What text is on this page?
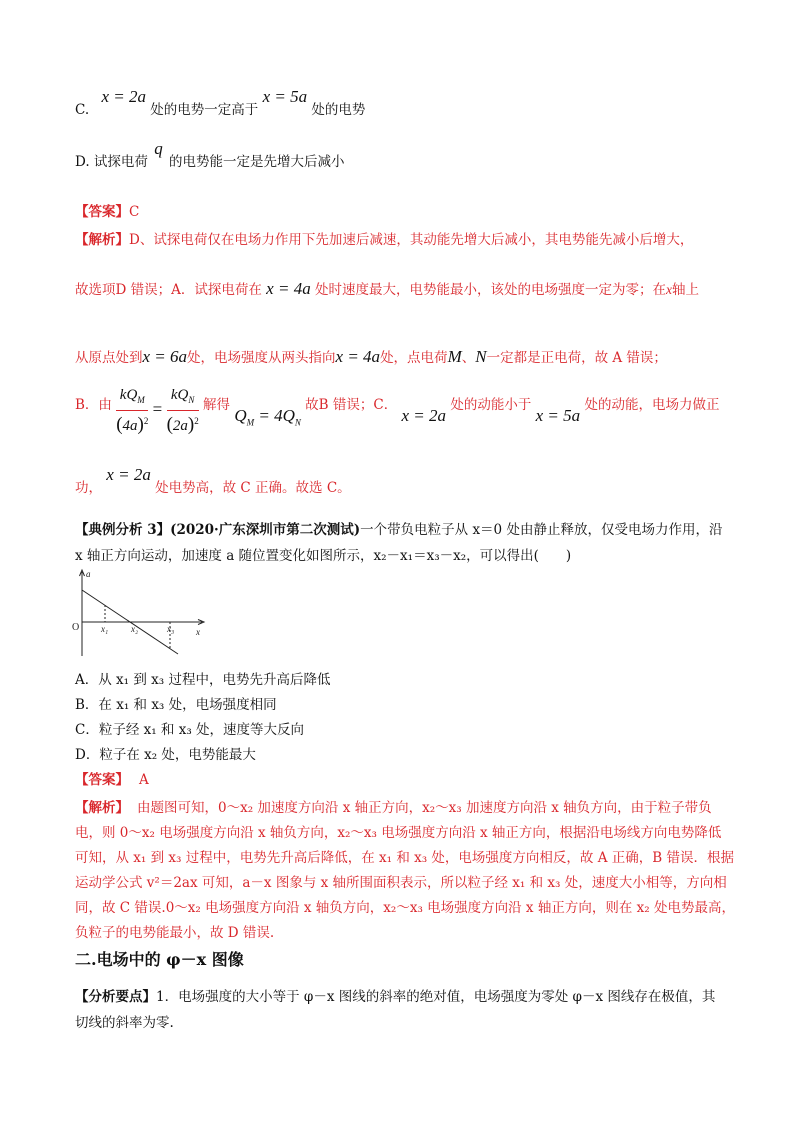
C. x = 2a 处的电势一定高于 x = 5a 处的电势
D. 试探电荷 q 的电势能一定是先增大后减小
【答案】C
【解析】D、试探电荷仅在电场力作用下先加速后减速，其动能先增大后减小，其电势能先减小后增大，
故选项D 错误；A．试探电荷在 x = 4a 处时速度最大，电势能最小，该处的电场强度一定为零；在x轴上
从原点处到x = 6a处，电场强度从两头指向x = 4a处，点电荷M、N一定都是正电荷，故 A 错误；
B．由 $\frac{kQ_M}{(4a)^2} = \frac{kQ_N}{(2a)^2}$ 解得 $Q_M = 4Q_N$ 故B 错误；C． x = 2a 处的动能小于 x = 5a 处的动能，电场力做正
功， x = 2a 处电势高，故 C 正确。故选 C。
【典例分析 3】(2020·广东深圳市第二次测试)一个带负电粒子从 x＝0 处由静止释放，仅受电场力作用，沿
x 轴正方向运动，加速度 a 随位置变化如图所示，x₂－x₁＝x₃－x₂，可以得出(　　)
a
x
x₁	x₂	x₃
O
A．从 x₁ 到 x₃ 过程中，电势先升高后降低
B．在 x₁ 和 x₃ 处，电场强度相同
C．粒子经 x₁ 和 x₃ 处，速度等大反向
D．粒子在 x₂ 处，电势能最大
【答案】 A
【解析】 由题图可知，0～x₂ 加速度方向沿 x 轴正方向，x₂～x₃ 加速度方向沿 x 轴负方向，由于粒子带负
电，则 0～x₂ 电场强度方向沿 x 轴负方向，x₂～x₃ 电场强度方向沿 x 轴正方向，根据沿电场线方向电势降低
可知，从 x₁ 到 x₃ 过程中，电势先升高后降低，在 x₁ 和 x₃ 处，电场强度方向相反，故 A 正确，B 错误．根据
运动学公式 v²＝2ax 可知，a－x 图象与 x 轴所围面积表示，所以粒子经 x₁ 和 x₃ 处，速度大小相等，方向相
同，故 C 错误.0～x₂ 电场强度方向沿 x 轴负方向，x₂～x₃ 电场强度方向沿 x 轴正方向，则在 x₂ 处电势最高，
负粒子的电势能最小，故 D 错误.
二.电场中的 φ－x 图像
【分析要点】1．电场强度的大小等于 φ－x 图线的斜率的绝对值，电场强度为零处 φ－x 图线存在极值，其
切线的斜率为零.
